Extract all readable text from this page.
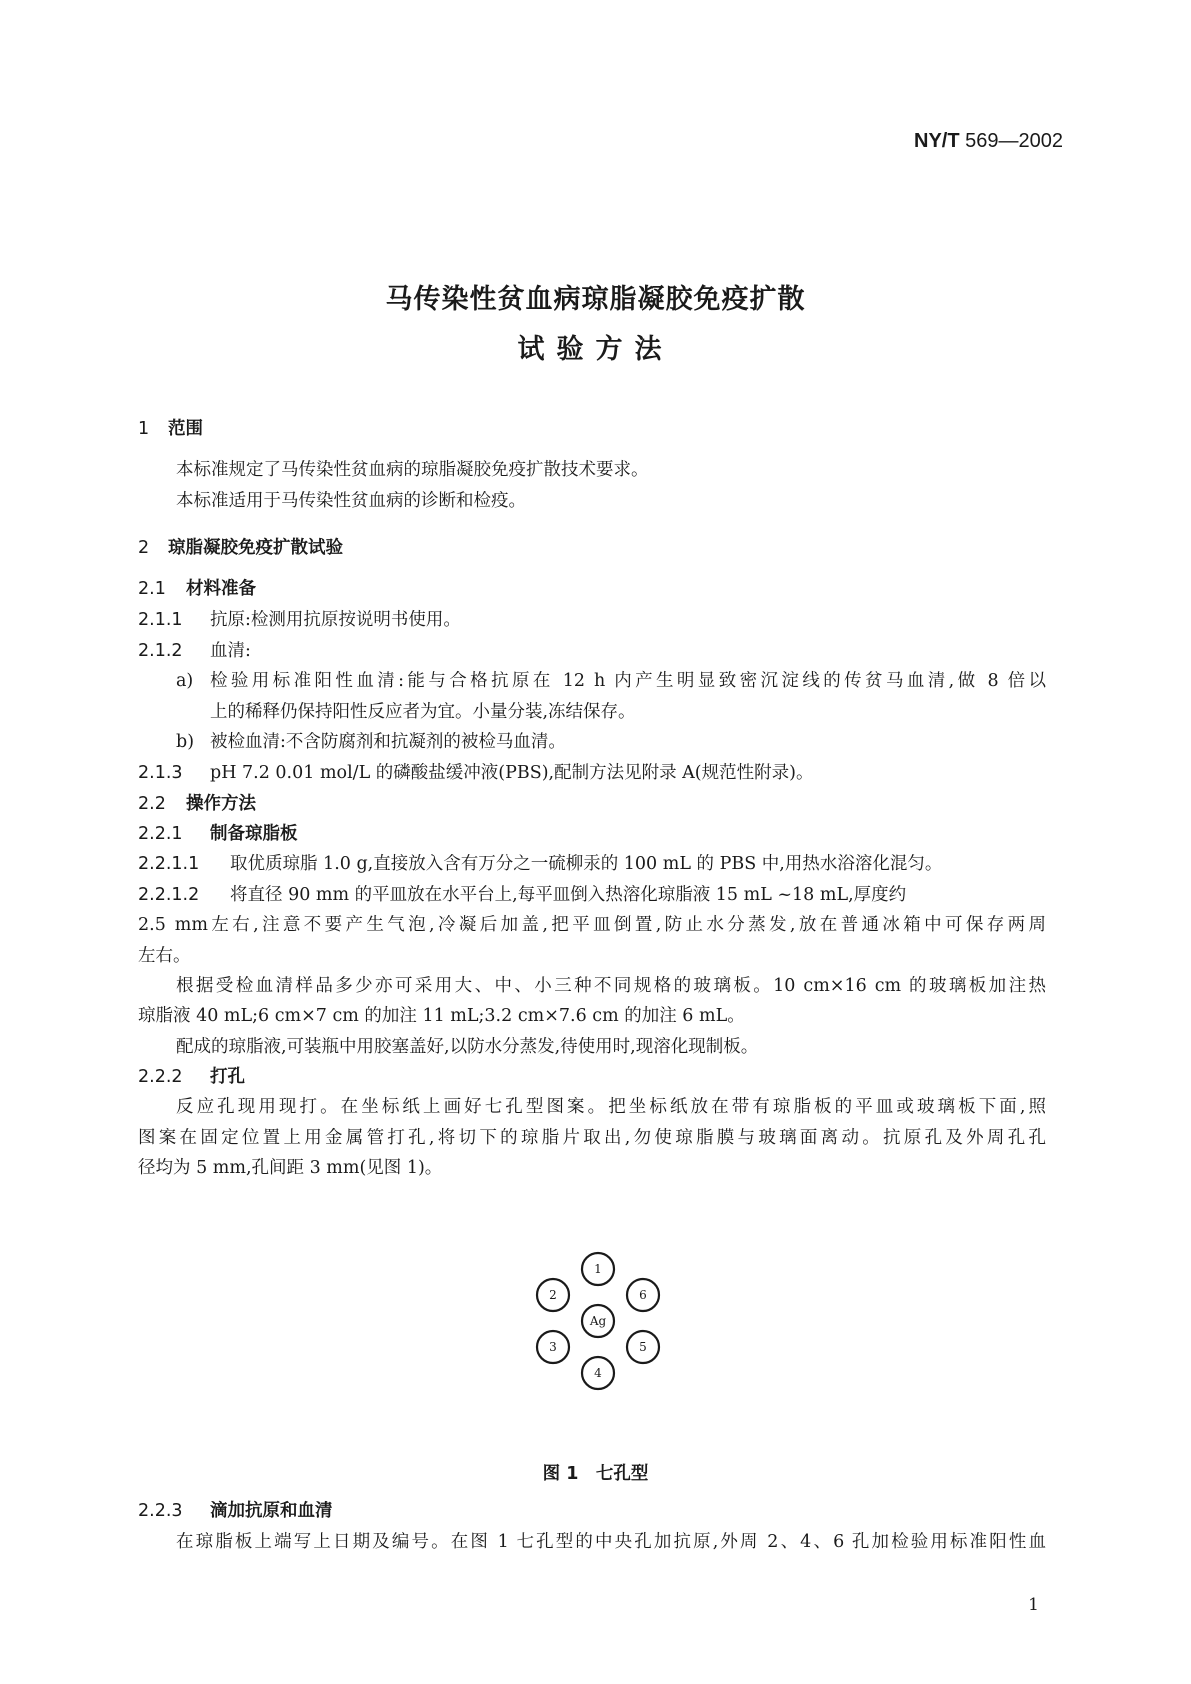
NY/T 569—2002
马传染性贫血病琼脂凝胶免疫扩散
试验方法
1 范围
本标准规定了马传染性贫血病的琼脂凝胶免疫扩散技术要求。
本标准适用于马传染性贫血病的诊断和检疫。
2 琼脂凝胶免疫扩散试验
2.1 材料准备
2.1.1 抗原:检测用抗原按说明书使用。
2.1.2 血清:
a) 检验用标准阳性血清:能与合格抗原在 12 h 内产生明显致密沉淀线的传贫马血清,做 8 倍以
上的稀释仍保持阳性反应者为宜。小量分装,冻结保存。
b) 被检血清:不含防腐剂和抗凝剂的被检马血清。
2.1.3 pH 7.2 0.01 mol/L 的磷酸盐缓冲液(PBS),配制方法见附录 A(规范性附录)。
2.2 操作方法
2.2.1 制备琼脂板
2.2.1.1 取优质琼脂 1.0 g,直接放入含有万分之一硫柳汞的 100 mL 的 PBS 中,用热水浴溶化混匀。
2.2.1.2 将直径 90 mm 的平皿放在水平台上,每平皿倒入热溶化琼脂液 15 mL ~18 mL,厚度约
2.5 mm左右,注意不要产生气泡,冷凝后加盖,把平皿倒置,防止水分蒸发,放在普通冰箱中可保存两周
左右。
根据受检血清样品多少亦可采用大、中、小三种不同规格的玻璃板。10 cm×16 cm 的玻璃板加注热
琼脂液 40 mL;6 cm×7 cm 的加注 11 mL;3.2 cm×7.6 cm 的加注 6 mL。
配成的琼脂液,可装瓶中用胶塞盖好,以防水分蒸发,待使用时,现溶化现制板。
2.2.2 打孔
反应孔现用现打。在坐标纸上画好七孔型图案。把坐标纸放在带有琼脂板的平皿或玻璃板下面,照
图案在固定位置上用金属管打孔,将切下的琼脂片取出,勿使琼脂膜与玻璃面离动。抗原孔及外周孔孔
径均为 5 mm,孔间距 3 mm(见图 1)。
Ag
1
2
3
4
5
6
图 1　七孔型
2.2.3 滴加抗原和血清
在琼脂板上端写上日期及编号。在图 1 七孔型的中央孔加抗原,外周 2、4、6 孔加检验用标准阳性血
1
